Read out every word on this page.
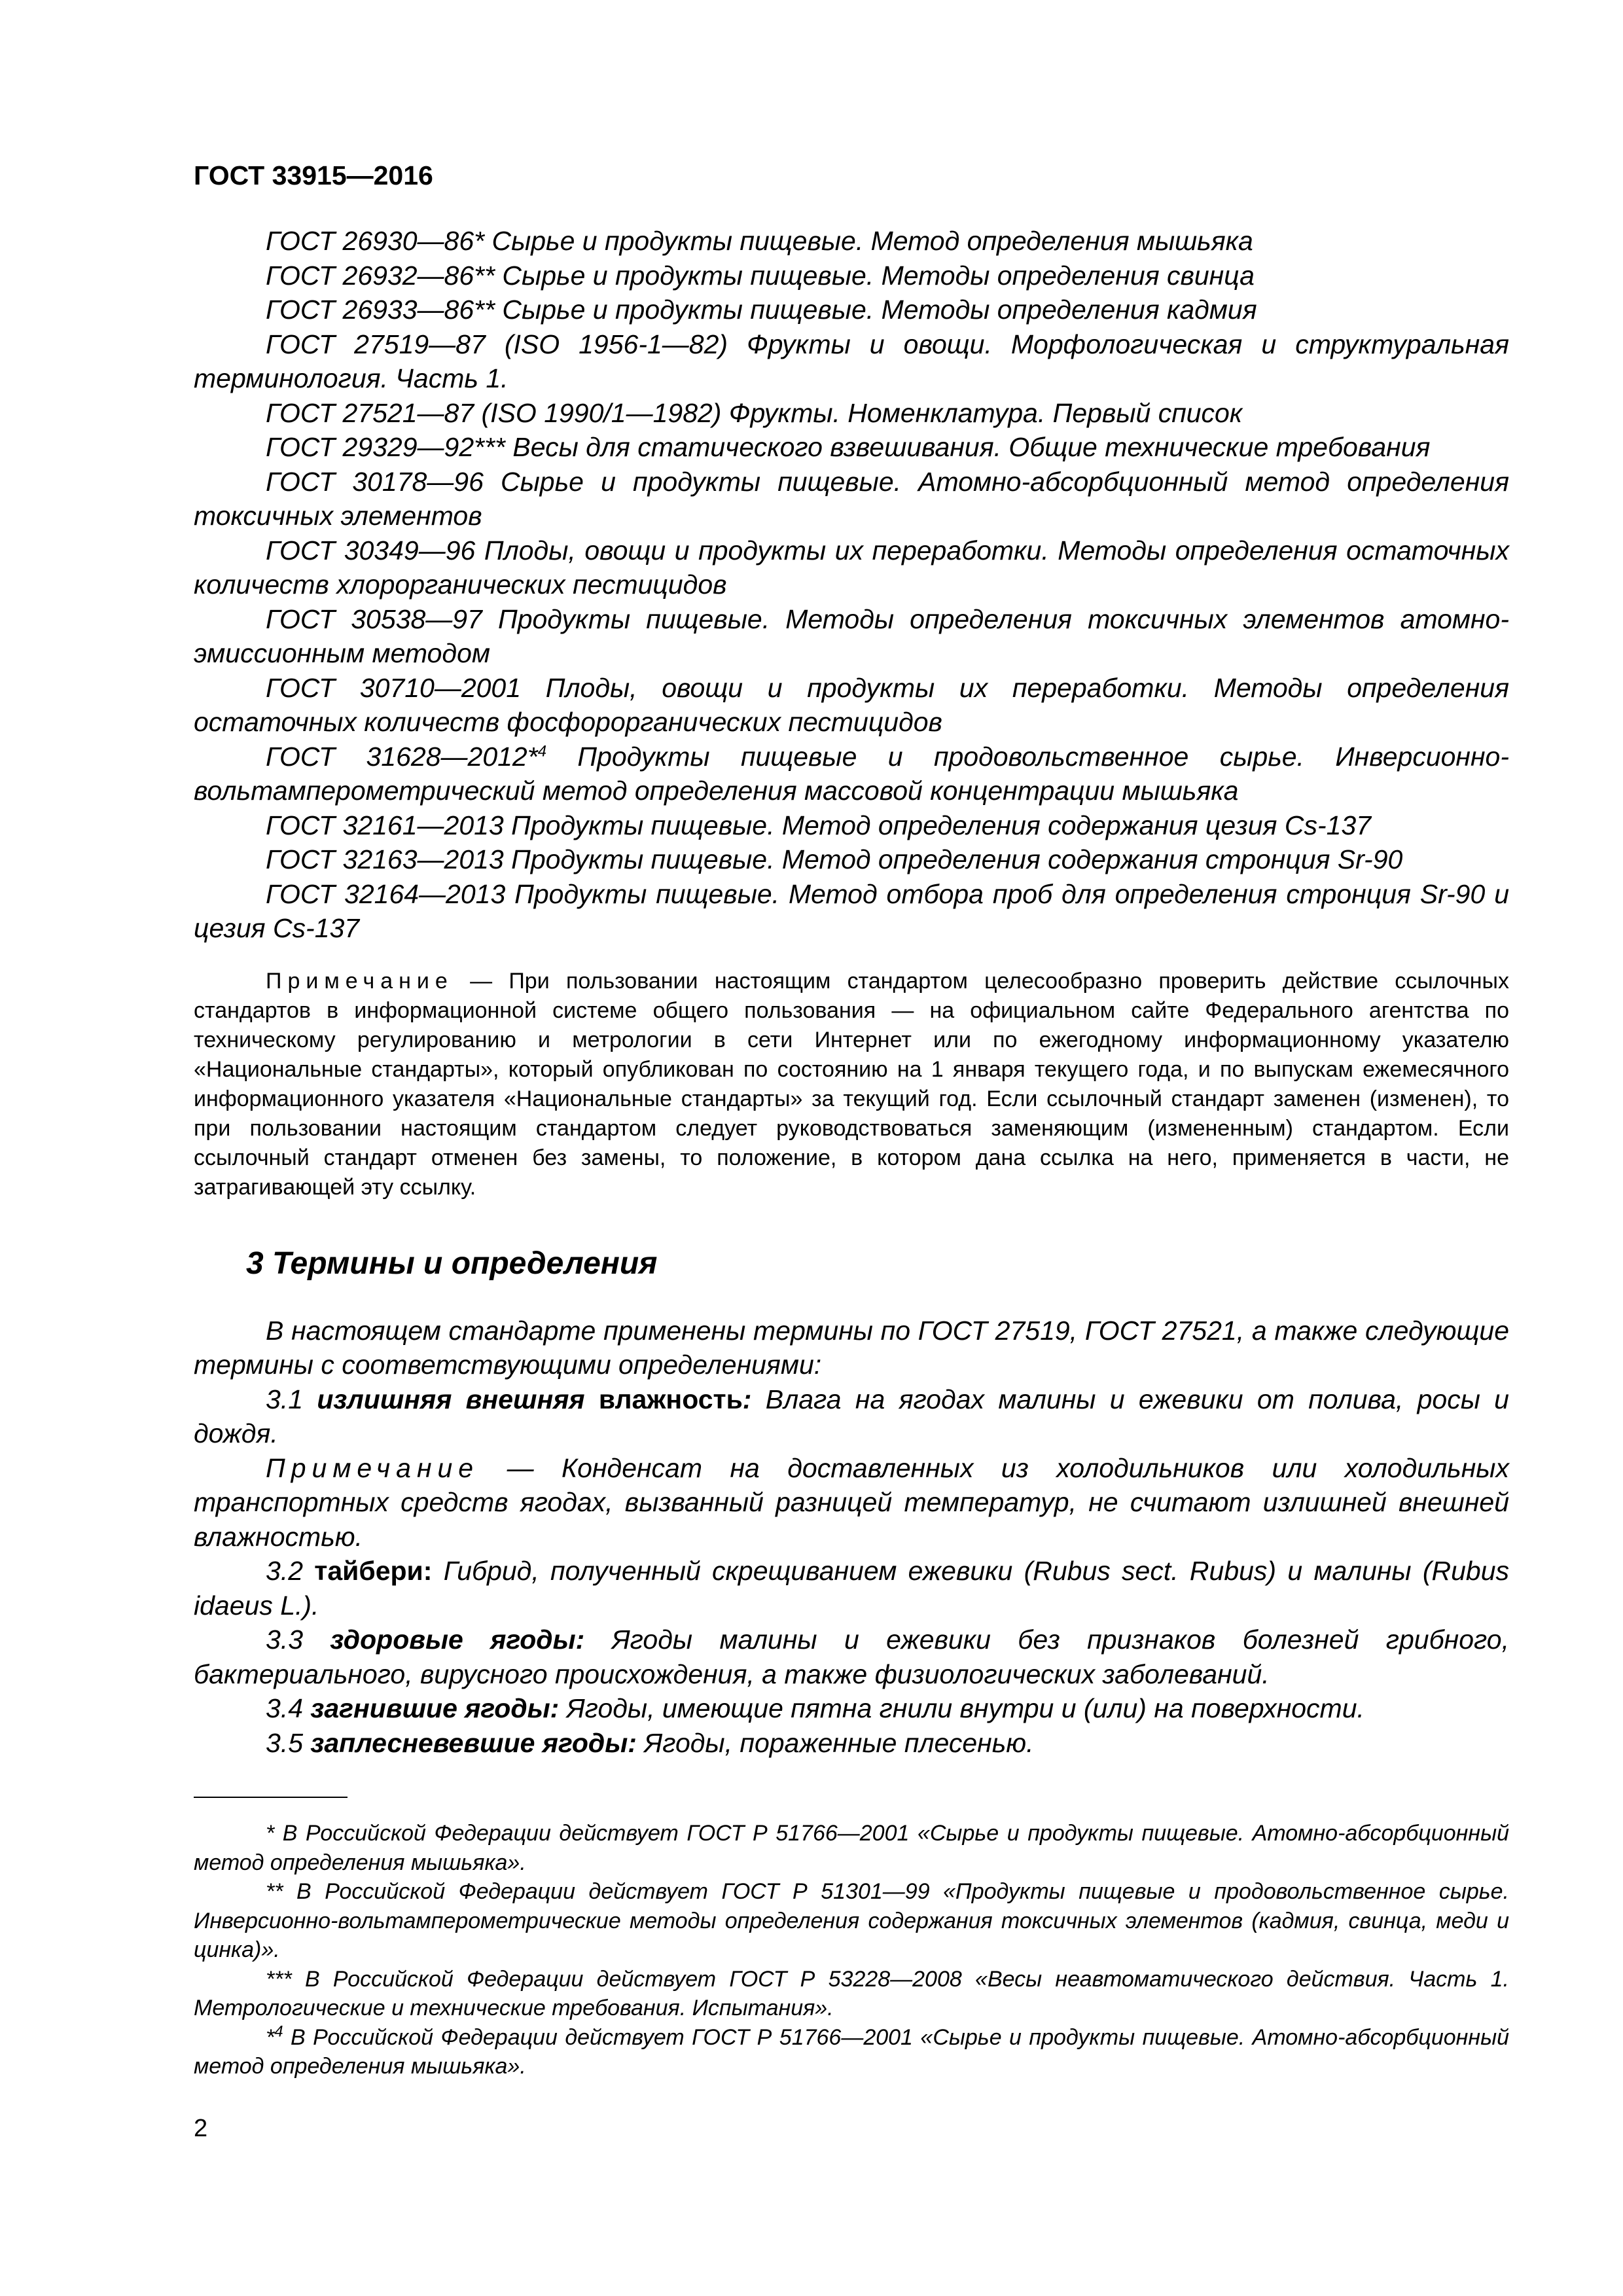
ГОСТ 33915—2016

ГОСТ 26930—86* Сырье и продукты пищевые. Метод определения мышьяка

ГОСТ 26932—86** Сырье и продукты пищевые. Методы определения свинца

ГОСТ 26933—86** Сырье и продукты пищевые. Методы определения кадмия

ГОСТ 27519—87 (ISO 1956-1—82) Фрукты и овощи. Морфологическая и структуральная терминология. Часть 1.

ГОСТ 27521—87 (ISO 1990/1—1982) Фрукты. Номенклатура. Первый список

ГОСТ 29329—92*** Весы для статического взвешивания. Общие технические требования

ГОСТ 30178—96 Сырье и продукты пищевые. Атомно-абсорбционный метод определения токсичных элементов

ГОСТ 30349—96 Плоды, овощи и продукты их переработки. Методы определения остаточных количеств хлорорганических пестицидов

ГОСТ 30538—97 Продукты пищевые. Методы определения токсичных элементов атомно-эмиссионным методом

ГОСТ 30710—2001 Плоды, овощи и продукты их переработки. Методы определения остаточных количеств фосфорорганических пестицидов

ГОСТ 31628—2012*$^4$ Продукты пищевые и продовольственное сырье. Инверсионно-вольтамперометрический метод определения массовой концентрации мышьяка

ГОСТ 32161—2013 Продукты пищевые. Метод определения содержания цезия Cs-137

ГОСТ 32163—2013 Продукты пищевые. Метод определения содержания стронция Sr-90

ГОСТ 32164—2013 Продукты пищевые. Метод отбора проб для определения стронция Sr-90 и цезия Cs-137

Примечание — При пользовании настоящим стандартом целесообразно проверить действие ссылочных стандартов в информационной системе общего пользования — на официальном сайте Федерального агентства по техническому регулированию и метрологии в сети Интернет или по ежегодному информационному указателю «Национальные стандарты», который опубликован по состоянию на 1 января текущего года, и по выпускам ежемесячного информационного указателя «Национальные стандарты» за текущий год. Если ссылочный стандарт заменен (изменен), то при пользовании настоящим стандартом следует руководствоваться заменяющим (измененным) стандартом. Если ссылочный стандарт отменен без замены, то положение, в котором дана ссылка на него, применяется в части, не затрагивающей эту ссылку.

3 Термины и определения

В настоящем стандарте применены термины по ГОСТ 27519, ГОСТ 27521, а также следующие термины с соответствующими определениями:

3.1 излишняя внешняя влажность: Влага на ягодах малины и ежевики от полива, росы и дождя.

Примечание — Конденсат на доставленных из холодильников или холодильных транспортных средств ягодах, вызванный разницей температур, не считают излишней внешней влажностью.

3.2 тайбери: Гибрид, полученный скрещиванием ежевики (Rubus sect. Rubus) и малины (Rubus idaeus L.).

3.3 здоровые ягоды: Ягоды малины и ежевики без признаков болезней грибного, бактериального, вирусного происхождения, а также физиологических заболеваний.

3.4 загнившие ягоды: Ягоды, имеющие пятна гнили внутри и (или) на поверхности.

3.5 заплесневевшие ягоды: Ягоды, пораженные плесенью.

* В Российской Федерации действует ГОСТ Р 51766—2001 «Сырье и продукты пищевые. Атомно-абсорбционный метод определения мышьяка».

** В Российской Федерации действует ГОСТ Р 51301—99 «Продукты пищевые и продовольственное сырье. Инверсионно-вольтамперометрические методы определения содержания токсичных элементов (кадмия, свинца, меди и цинка)».

*** В Российской Федерации действует ГОСТ Р 53228—2008 «Весы неавтоматического действия. Часть 1. Метрологические и технические требования. Испытания».

*$^4$ В Российской Федерации действует ГОСТ Р 51766—2001 «Сырье и продукты пищевые. Атомно-абсорбционный метод определения мышьяка».

2
